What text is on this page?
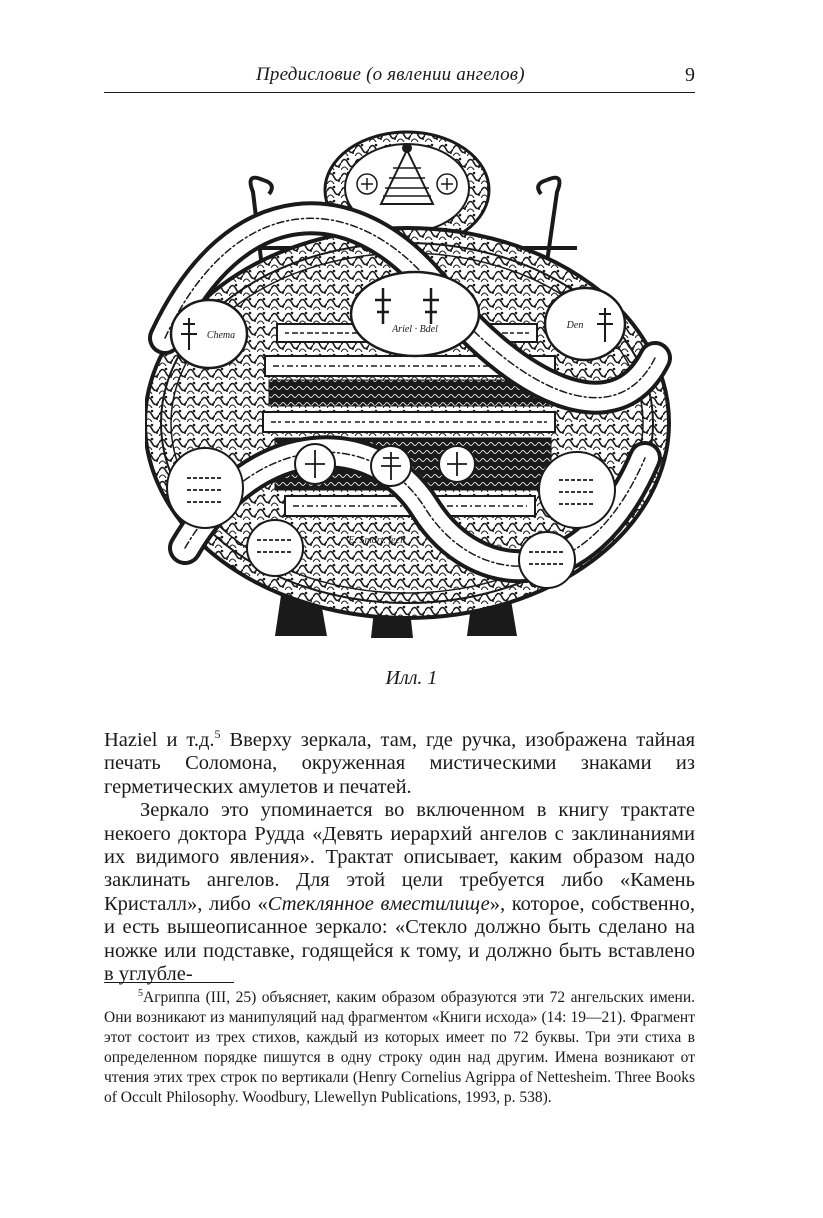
Предисловие (о явлении ангелов)	9
Ariel · Bdel
Chema
Den
E. Smart. fecit
Илл. 1

Haziel и т.д.$^5$ Вверху зеркала, там, где ручка, изображена тайная печать Соломона, окруженная мистическими знаками из герметических амулетов и печатей.

Зеркало это упоминается во включенном в книгу трактате некоего доктора Рудда «Девять иерархий ангелов с заклинаниями их видимого явления». Трактат описывает, каким образом надо заклинать ангелов. Для этой цели требуется либо «Камень Кристалл», либо «Стеклянное вместилище», которое, собственно, и есть вышеописанное зеркало: «Стекло должно быть сделано на ножке или подставке, годящейся к тому, и должно быть вставлено в углубле-

$^5$Агриппа (III, 25) объясняет, каким образом образуются эти 72 ангельских имени. Они возникают из манипуляций над фрагментом «Книги исхода» (14: 19—21). Фрагмент этот состоит из трех стихов, каждый из которых имеет по 72 буквы. Три эти стиха в определенном порядке пишутся в одну строку один над другим. Имена возникают от чтения этих трех строк по вертикали (Henry Cornelius Agrippa of Nettesheim. Three Books of Occult Philosophy. Woodbury, Llewellyn Publications, 1993, p. 538).
